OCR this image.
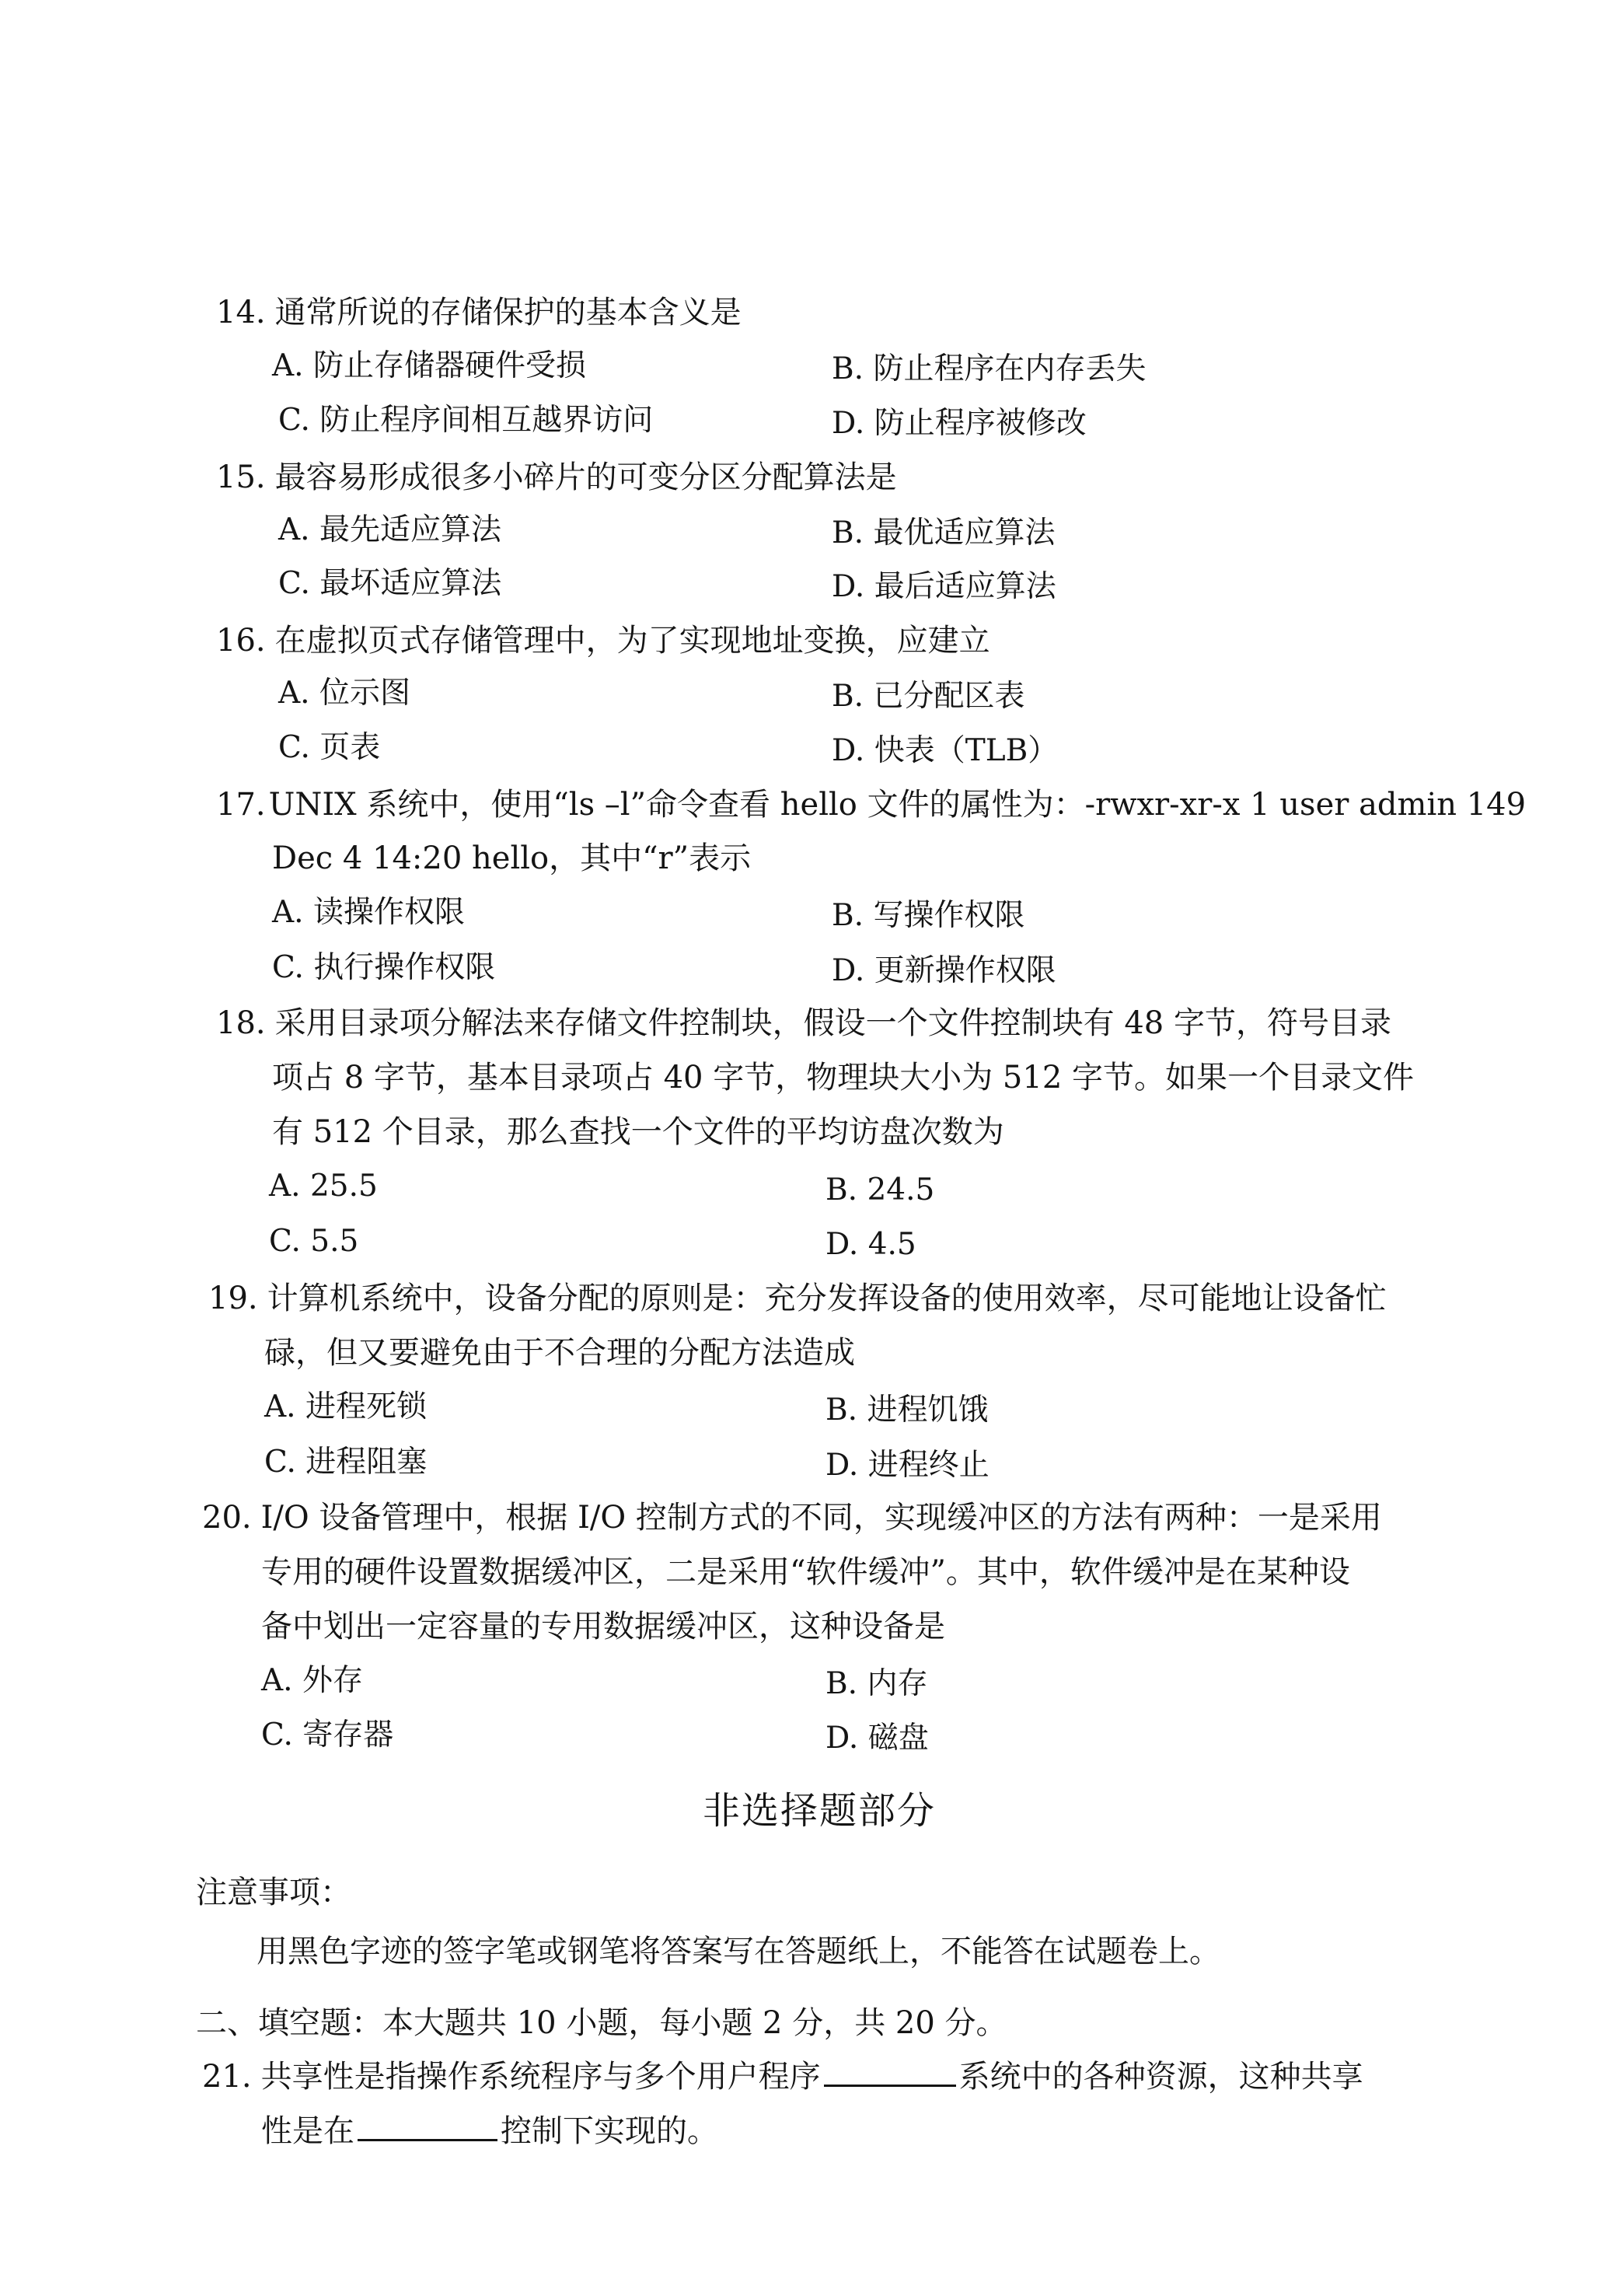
14. 通常所说的存储保护的基本含义是
A. 防止存储器硬件受损	B. 防止程序在内存丢失
C. 防止程序间相互越界访问	D. 防止程序被修改
15. 最容易形成很多小碎片的可变分区分配算法是
A. 最先适应算法	B. 最优适应算法
C. 最坏适应算法	D. 最后适应算法
16. 在虚拟页式存储管理中，为了实现地址变换，应建立
A. 位示图	B. 已分配区表
C. 页表	D. 快表（TLB）
17. UNIX 系统中，使用“ls –l”命令查看 hello 文件的属性为：-rwxr-xr-x 1 user admin 149
Dec 4 14:20 hello，其中“r”表示
A. 读操作权限	B. 写操作权限
C. 执行操作权限	D. 更新操作权限
18. 采用目录项分解法来存储文件控制块，假设一个文件控制块有 48 字节，符号目录
项占 8 字节，基本目录项占 40 字节，物理块大小为 512 字节。如果一个目录文件
有 512 个目录，那么查找一个文件的平均访盘次数为
A. 25.5	B. 24.5
C. 5.5	D. 4.5
19. 计算机系统中，设备分配的原则是：充分发挥设备的使用效率，尽可能地让设备忙
碌，但又要避免由于不合理的分配方法造成
A. 进程死锁	B. 进程饥饿
C. 进程阻塞	D. 进程终止
20. I/O 设备管理中，根据 I/O 控制方式的不同，实现缓冲区的方法有两种：一是采用
专用的硬件设置数据缓冲区，二是采用“软件缓冲”。其中，软件缓冲是在某种设
备中划出一定容量的专用数据缓冲区，这种设备是
A. 外存	B. 内存
C. 寄存器	D. 磁盘
非选择题部分
注意事项：
用黑色字迹的签字笔或钢笔将答案写在答题纸上，不能答在试题卷上。
二、填空题：本大题共 10 小题，每小题 2 分，共 20 分。
21. 共享性是指操作系统程序与多个用户程序	系统中的各种资源，这种共享
性是在	控制下实现的。
